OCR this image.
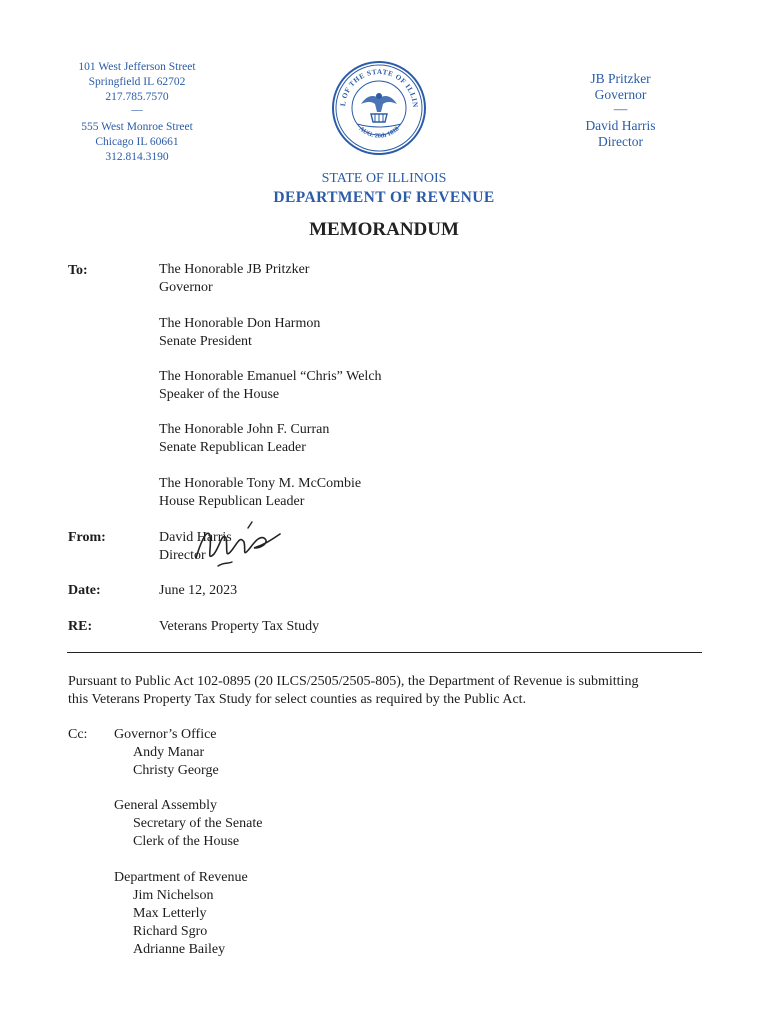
101 West Jefferson Street
Springfield IL 62702
217.785.7570
—
555 West Monroe Street
Chicago IL 60661
312.814.3190
L OF THE STATE OF ILLIN
AUG. 26th 1818
JB Pritzker
Governor
—
David Harris
Director
STATE OF ILLINOIS
DEPARTMENT OF REVENUE
MEMORANDUM
To:	The Honorable JB Pritzker
Governor
The Honorable Don Harmon
Senate President
The Honorable Emanuel “Chris” Welch
Speaker of the House
The Honorable John F. Curran
Senate Republican Leader
The Honorable Tony M. McCombie
House Republican Leader
From:	David Harris
Director
Date:	June 12, 2023
RE:	Veterans Property Tax Study
Pursuant to Public Act 102-0895 (20 ILCS/2505/2505-805), the Department of Revenue is submitting
this Veterans Property Tax Study for select counties as required by the Public Act.
Cc: Governor’s Office
Andy Manar
Christy George
General Assembly
Secretary of the Senate
Clerk of the House
Department of Revenue
Jim Nichelson
Max Letterly
Richard Sgro
Adrianne Bailey
